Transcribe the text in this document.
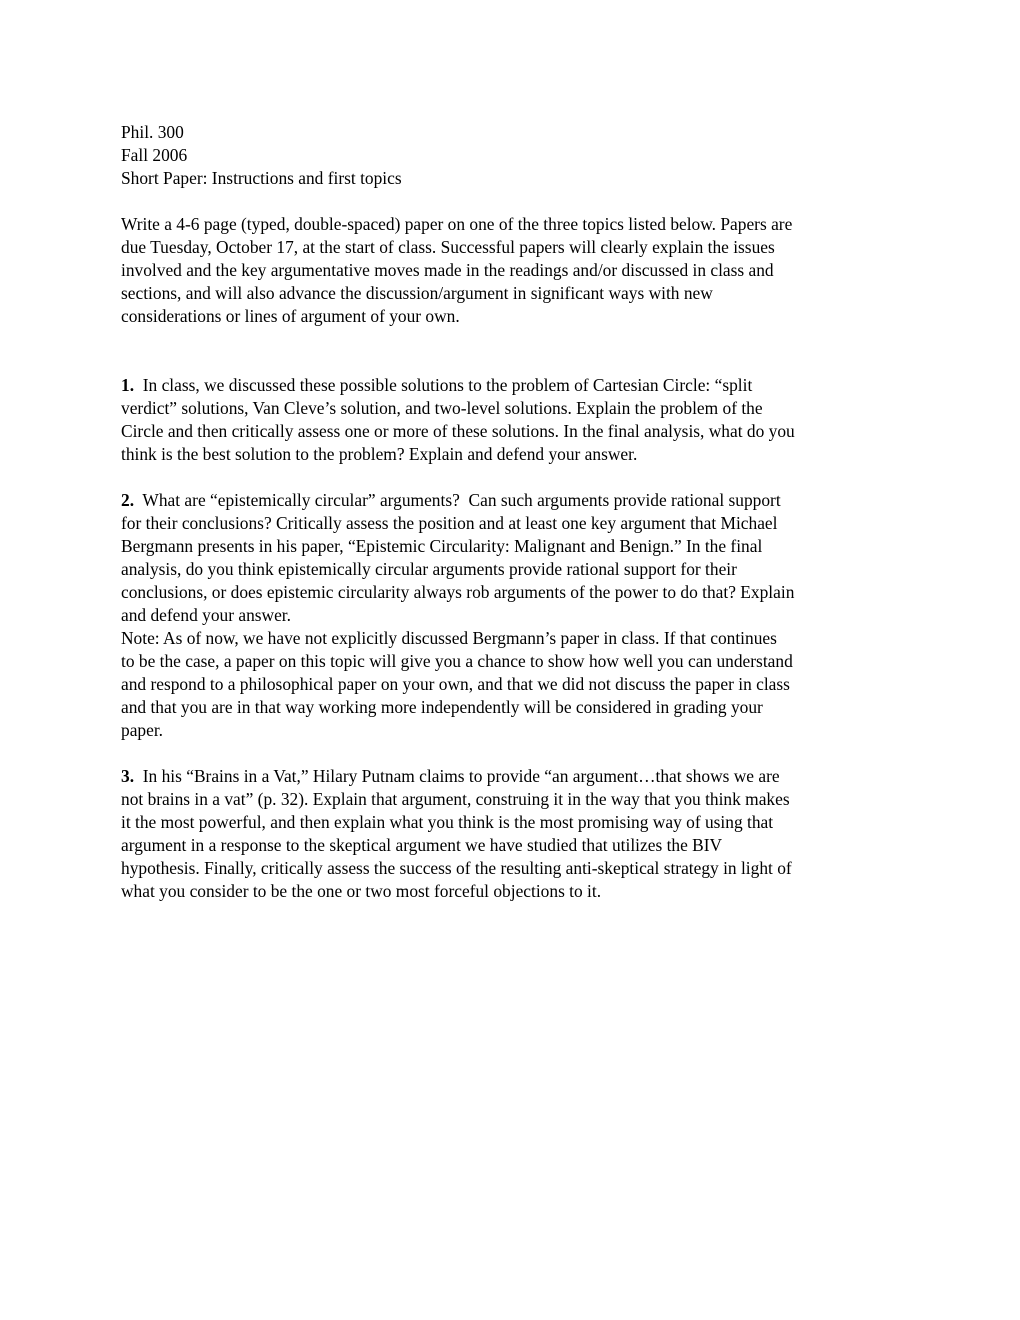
Phil. 300
Fall 2006
Short Paper: Instructions and first topics
Write a 4-6 page (typed, double-spaced) paper on one of the three topics listed below. Papers are
due Tuesday, October 17, at the start of class. Successful papers will clearly explain the issues
involved and the key argumentative moves made in the readings and/or discussed in class and
sections, and will also advance the discussion/argument in significant ways with new
considerations or lines of argument of your own.
1.  In class, we discussed these possible solutions to the problem of Cartesian Circle: “split
verdict” solutions, Van Cleve’s solution, and two-level solutions. Explain the problem of the
Circle and then critically assess one or more of these solutions. In the final analysis, what do you
think is the best solution to the problem? Explain and defend your answer.
2.  What are “epistemically circular” arguments?  Can such arguments provide rational support
for their conclusions? Critically assess the position and at least one key argument that Michael
Bergmann presents in his paper, “Epistemic Circularity: Malignant and Benign.” In the final
analysis, do you think epistemically circular arguments provide rational support for their
conclusions, or does epistemic circularity always rob arguments of the power to do that? Explain
and defend your answer.
Note: As of now, we have not explicitly discussed Bergmann’s paper in class. If that continues
to be the case, a paper on this topic will give you a chance to show how well you can understand
and respond to a philosophical paper on your own, and that we did not discuss the paper in class
and that you are in that way working more independently will be considered in grading your
paper.
3.  In his “Brains in a Vat,” Hilary Putnam claims to provide “an argument…that shows we are
not brains in a vat” (p. 32). Explain that argument, construing it in the way that you think makes
it the most powerful, and then explain what you think is the most promising way of using that
argument in a response to the skeptical argument we have studied that utilizes the BIV
hypothesis. Finally, critically assess the success of the resulting anti-skeptical strategy in light of
what you consider to be the one or two most forceful objections to it.
